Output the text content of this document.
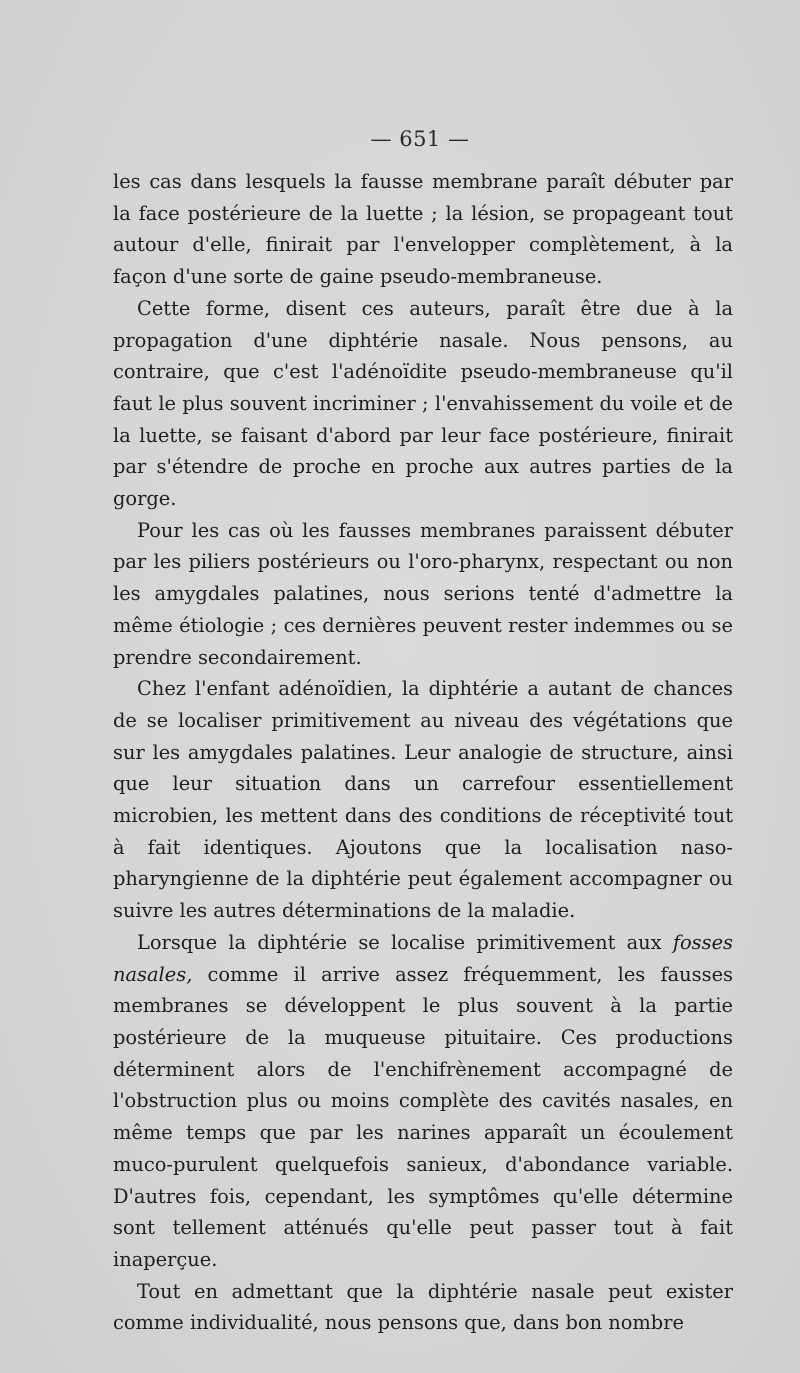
— 651 —

les cas dans lesquels la fausse membrane paraît débuter par la face postérieure de la luette ; la lésion, se propageant tout autour d'elle, finirait par l'envelopper complètement, à la façon d'une sorte de gaine pseudo-membraneuse.

Cette forme, disent ces auteurs, paraît être due à la propagation d'une diphtérie nasale. Nous pensons, au contraire, que c'est l'adénoïdite pseudo-membraneuse qu'il faut le plus souvent incriminer ; l'envahissement du voile et de la luette, se faisant d'abord par leur face postérieure, finirait par s'étendre de proche en proche aux autres parties de la gorge.

Pour les cas où les fausses membranes paraissent débuter par les piliers postérieurs ou l'oro-pharynx, respectant ou non les amygdales palatines, nous serions tenté d'admettre la même étiologie ; ces dernières peuvent rester indemmes ou se prendre secondairement.

Chez l'enfant adénoïdien, la diphtérie a autant de chances de se localiser primitivement au niveau des végétations que sur les amygdales palatines. Leur analogie de structure, ainsi que leur situation dans un carrefour essentiellement microbien, les mettent dans des conditions de réceptivité tout à fait identiques. Ajoutons que la localisation naso-pharyngienne de la diphtérie peut également accompagner ou suivre les autres déterminations de la maladie.

Lorsque la diphtérie se localise primitivement aux fosses nasales, comme il arrive assez fréquemment, les fausses membranes se développent le plus souvent à la partie postérieure de la muqueuse pituitaire. Ces productions déterminent alors de l'enchifrènement accompagné de l'obstruction plus ou moins complète des cavités nasales, en même temps que par les narines apparaît un écoulement muco-purulent quelquefois sanieux, d'abondance variable. D'autres fois, cependant, les symptômes qu'elle détermine sont tellement atténués qu'elle peut passer tout à fait inaperçue.

Tout en admettant que la diphtérie nasale peut exister comme individualité, nous pensons que, dans bon nombre
